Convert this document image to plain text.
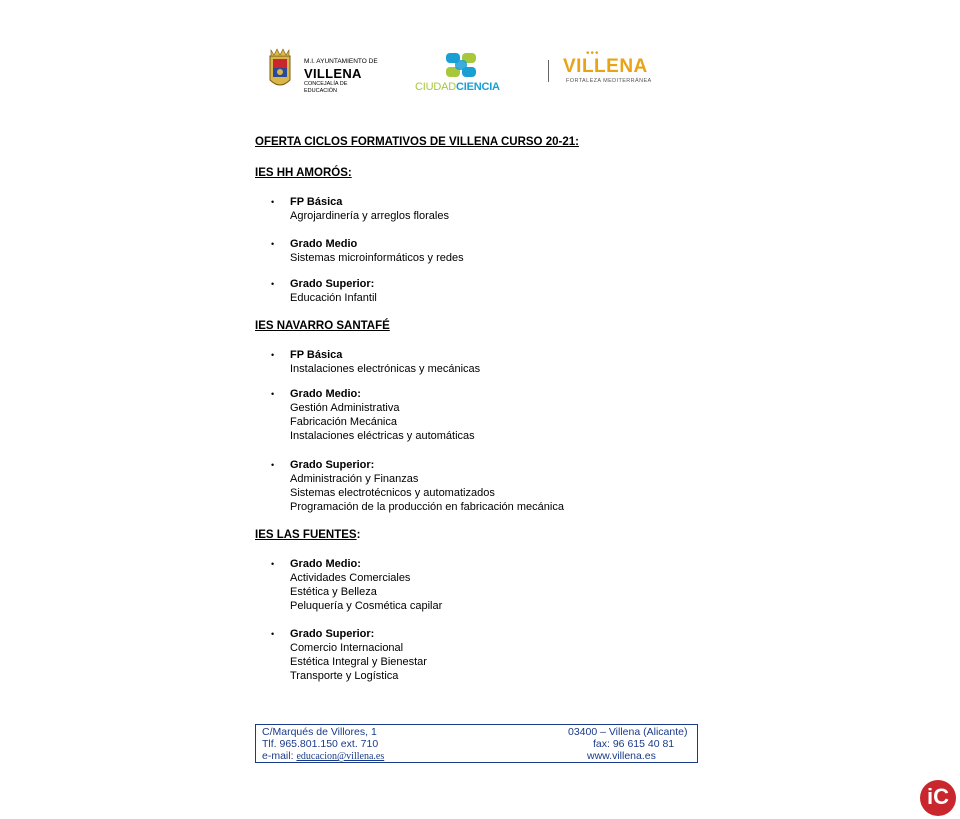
M.I. AYUNTAMIENTO DE
VILLENA
CONCEJALÍA DE
EDUCACIÓN	CIUDADCIENCIA
•••
VILLENA
FORTALEZA MEDITERRÁNEA
OFERTA CICLOS FORMATIVOS DE VILLENA CURSO 20-21:
IES HH AMORÓS:
• FP Básica
Agrojardinería y arreglos florales
• Grado Medio
Sistemas microinformáticos y redes
• Grado Superior:
Educación Infantil
IES NAVARRO SANTAFÉ
• FP Básica
Instalaciones electrónicas y mecánicas
• Grado Medio:
Gestión Administrativa
Fabricación Mecánica
Instalaciones eléctricas y automáticas
• Grado Superior:
Administración y Finanzas
Sistemas electrotécnicos y automatizados
Programación de la producción en fabricación mecánica
IES LAS FUENTES:
• Grado Medio:
Actividades Comerciales
Estética y Belleza
Peluquería y Cosmética capilar
• Grado Superior:
Comercio Internacional
Estética Integral y Bienestar
Transporte y Logística
C/Marqués de Villores, 1
Tlf. 965.801.150 ext. 710
e-mail: educacion@villena.es
03400 – Villena (Alicante)
fax: 96 615 40 81
www.villena.es
iC
